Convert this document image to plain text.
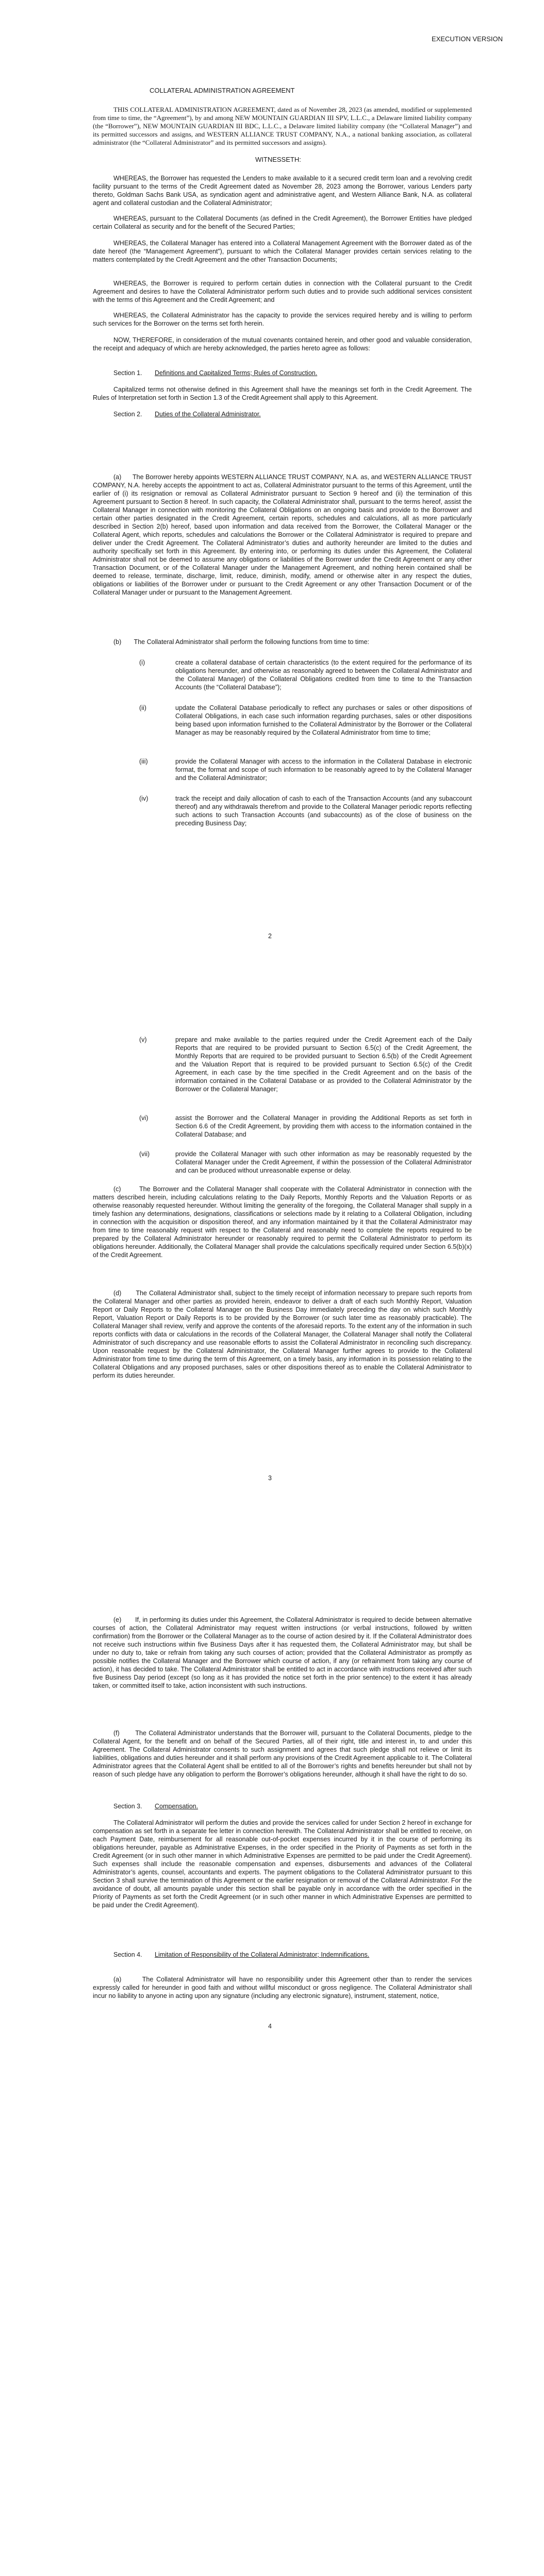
EXECUTION VERSION
COLLATERAL ADMINISTRATION AGREEMENT

THIS COLLATERAL ADMINISTRATION AGREEMENT, dated as of November 28, 2023 (as amended, modified or supplemented from time to time, the “Agreement”), by and among NEW MOUNTAIN GUARDIAN III SPV, L.L.C., a Delaware limited liability company (the “Borrower”), NEW MOUNTAIN GUARDIAN III BDC, L.L.C., a Delaware limited liability company (the “Collateral Manager”) and its permitted successors and assigns, and WESTERN ALLIANCE TRUST COMPANY, N.A., a national banking association, as collateral administrator (the “Collateral Administrator” and its permitted successors and assigns).

WITNESSETH:

WHEREAS, the Borrower has requested the Lenders to make available to it a secured credit term loan and a revolving credit facility pursuant to the terms of the Credit Agreement dated as November 28, 2023 among the Borrower, various Lenders party thereto, Goldman Sachs Bank USA, as syndication agent and administrative agent, and Western Alliance Bank, N.A. as collateral agent and collateral custodian and the Collateral Administrator;

WHEREAS, pursuant to the Collateral Documents (as defined in the Credit Agreement), the Borrower Entities have pledged certain Collateral as security and for the benefit of the Secured Parties;

WHEREAS, the Collateral Manager has entered into a Collateral Management Agreement with the Borrower dated as of the date hereof (the “Management Agreement”), pursuant to which the Collateral Manager provides certain services relating to the matters contemplated by the Credit Agreement and the other Transaction Documents;

WHEREAS, the Borrower is required to perform certain duties in connection with the Collateral pursuant to the Credit Agreement and desires to have the Collateral Administrator perform such duties and to provide such additional services consistent with the terms of this Agreement and the Credit Agreement; and

WHEREAS, the Collateral Administrator has the capacity to provide the services required hereby and is willing to perform such services for the Borrower on the terms set forth herein.

NOW, THEREFORE, in consideration of the mutual covenants contained herein, and other good and valuable consideration, the receipt and adequacy of which are hereby acknowledged, the parties hereto agree as follows:

Section 1. Definitions and Capitalized Terms; Rules of Construction.

Capitalized terms not otherwise defined in this Agreement shall have the meanings set forth in the Credit Agreement. The Rules of Interpretation set forth in Section 1.3 of the Credit Agreement shall apply to this Agreement.

Section 2. Duties of the Collateral Administrator.

(a)      The Borrower hereby appoints WESTERN ALLIANCE TRUST COMPANY, N.A. as, and WESTERN ALLIANCE TRUST COMPANY, N.A. hereby accepts the appointment to act as, Collateral Administrator pursuant to the terms of this Agreement, until the earlier of (i) its resignation or removal as Collateral Administrator pursuant to Section 9 hereof and (ii) the termination of this Agreement pursuant to Section 8 hereof. In such capacity, the Collateral Administrator shall, pursuant to the terms hereof, assist the Collateral Manager in connection with monitoring the Collateral Obligations on an ongoing basis and provide to the Borrower and certain other parties designated in the Credit Agreement, certain reports, schedules and calculations, all as more particularly described in Section 2(b) hereof, based upon information and data received from the Borrower, the Collateral Manager or the Collateral Agent, which reports, schedules and calculations the Borrower or the Collateral Administrator is required to prepare and deliver under the Credit Agreement. The Collateral Administrator’s duties and authority hereunder are limited to the duties and authority specifically set forth in this Agreement. By entering into, or performing its duties under this Agreement, the Collateral Administrator shall not be deemed to assume any obligations or liabilities of the Borrower under the Credit Agreement or any other Transaction Document, or of the Collateral Manager under the Management Agreement, and nothing herein contained shall be deemed to release, terminate, discharge, limit, reduce, diminish, modify, amend or otherwise alter in any respect the duties, obligations or liabilities of the Borrower under or pursuant to the Credit Agreement or any other Transaction Document or of the Collateral Manager under or pursuant to the Management Agreement.

(b)       The Collateral Administrator shall perform the following functions from time to time:

(i)	create a collateral database of certain characteristics (to the extent required for the performance of its obligations hereunder, and otherwise as reasonably agreed to between the Collateral Administrator and the Collateral Manager) of the Collateral Obligations credited from time to time to the Transaction Accounts (the “Collateral Database”);

(ii)	update the Collateral Database periodically to reflect any purchases or sales or other dispositions of Collateral Obligations, in each case such information regarding purchases, sales or other dispositions being based upon information furnished to the Collateral Administrator by the Borrower or the Collateral Manager as may be reasonably required by the Collateral Administrator from time to time;

(iii)	provide the Collateral Manager with access to the information in the Collateral Database in electronic format, the format and scope of such information to be reasonably agreed to by the Collateral Manager and the Collateral Administrator;

(iv)	track the receipt and daily allocation of cash to each of the Transaction Accounts (and any subaccount thereof) and any withdrawals therefrom and provide to the Collateral Manager periodic reports reflecting such actions to such Transaction Accounts (and subaccounts) as of the close of business on the preceding Business Day;

2
(v)	prepare and make available to the parties required under the Credit Agreement each of the Daily Reports that are required to be provided pursuant to Section 6.5(c) of the Credit Agreement, the Monthly Reports that are required to be provided pursuant to Section 6.5(b) of the Credit Agreement and the Valuation Report that is required to be provided pursuant to Section 6.5(c) of the Credit Agreement, in each case by the time specified in the Credit Agreement and on the basis of the information contained in the Collateral Database or as provided to the Collateral Administrator by the Borrower or the Collateral Manager;

(vi)	assist the Borrower and the Collateral Manager in providing the Additional Reports as set forth in Section 6.6 of the Credit Agreement, by providing them with access to the information contained in the Collateral Database; and

(vii)	provide the Collateral Manager with such other information as may be reasonably requested by the Collateral Manager under the Credit Agreement, if within the possession of the Collateral Administrator and can be produced without unreasonable expense or delay.

(c)       The Borrower and the Collateral Manager shall cooperate with the Collateral Administrator in connection with the matters described herein, including calculations relating to the Daily Reports, Monthly Reports and the Valuation Reports or as otherwise reasonably requested hereunder. Without limiting the generality of the foregoing, the Collateral Manager shall supply in a timely fashion any determinations, designations, classifications or selections made by it relating to a Collateral Obligation, including in connection with the acquisition or disposition thereof, and any information maintained by it that the Collateral Administrator may from time to time reasonably request with respect to the Collateral and reasonably need to complete the reports required to be prepared by the Collateral Administrator hereunder or reasonably required to permit the Collateral Administrator to perform its obligations hereunder. Additionally, the Collateral Manager shall provide the calculations specifically required under Section 6.5(b)(x) of the Credit Agreement.

(d)       The Collateral Administrator shall, subject to the timely receipt of information necessary to prepare such reports from the Collateral Manager and other parties as provided herein, endeavor to deliver a draft of each such Monthly Report, Valuation Report or Daily Reports to the Collateral Manager on the Business Day immediately preceding the day on which such Monthly Report, Valuation Report or Daily Reports is to be provided by the Borrower (or such later time as reasonably practicable). The Collateral Manager shall review, verify and approve the contents of the aforesaid reports. To the extent any of the information in such reports conflicts with data or calculations in the records of the Collateral Manager, the Collateral Manager shall notify the Collateral Administrator of such discrepancy and use reasonable efforts to assist the Collateral Administrator in reconciling such discrepancy. Upon reasonable request by the Collateral Administrator, the Collateral Manager further agrees to provide to the Collateral Administrator from time to time during the term of this Agreement, on a timely basis, any information in its possession relating to the Collateral Obligations and any proposed purchases, sales or other dispositions thereof as to enable the Collateral Administrator to perform its duties hereunder.

3

(e)       If, in performing its duties under this Agreement, the Collateral Administrator is required to decide between alternative courses of action, the Collateral Administrator may request written instructions (or verbal instructions, followed by written confirmation) from the Borrower or the Collateral Manager as to the course of action desired by it. If the Collateral Administrator does not receive such instructions within five Business Days after it has requested them, the Collateral Administrator may, but shall be under no duty to, take or refrain from taking any such courses of action; provided that the Collateral Administrator as promptly as possible notifies the Collateral Manager and the Borrower which course of action, if any (or refrainment from taking any course of action), it has decided to take. The Collateral Administrator shall be entitled to act in accordance with instructions received after such five Business Day period (except (so long as it has provided the notice set forth in the prior sentence) to the extent it has already taken, or committed itself to take, action inconsistent with such instructions.

(f)       The Collateral Administrator understands that the Borrower will, pursuant to the Collateral Documents, pledge to the Collateral Agent, for the benefit and on behalf of the Secured Parties, all of their right, title and interest in, to and under this Agreement. The Collateral Administrator consents to such assignment and agrees that such pledge shall not relieve or limit its liabilities, obligations and duties hereunder and it shall perform any provisions of the Credit Agreement applicable to it. The Collateral Administrator agrees that the Collateral Agent shall be entitled to all of the Borrower’s rights and benefits hereunder but shall not by reason of such pledge have any obligation to perform the Borrower’s obligations hereunder, although it shall have the right to do so.

Section 3. Compensation.

The Collateral Administrator will perform the duties and provide the services called for under Section 2 hereof in exchange for compensation as set forth in a separate fee letter in connection herewith. The Collateral Administrator shall be entitled to receive, on each Payment Date, reimbursement for all reasonable out-of-pocket expenses incurred by it in the course of performing its obligations hereunder, payable as Administrative Expenses, in the order specified in the Priority of Payments as set forth in the Credit Agreement (or in such other manner in which Administrative Expenses are permitted to be paid under the Credit Agreement). Such expenses shall include the reasonable compensation and expenses, disbursements and advances of the Collateral Administrator’s agents, counsel, accountants and experts. The payment obligations to the Collateral Administrator pursuant to this Section 3 shall survive the termination of this Agreement or the earlier resignation or removal of the Collateral Administrator. For the avoidance of doubt, all amounts payable under this section shall be payable only in accordance with the order specified in the Priority of Payments as set forth the Credit Agreement (or in such other manner in which Administrative Expenses are permitted to be paid under the Credit Agreement).

Section 4. Limitation of Responsibility of the Collateral Administrator; Indemnifications.

(a)       The Collateral Administrator will have no responsibility under this Agreement other than to render the services expressly called for hereunder in good faith and without willful misconduct or gross negligence. The Collateral Administrator shall incur no liability to anyone in acting upon any signature (including any electronic signature), instrument, statement, notice,

4
